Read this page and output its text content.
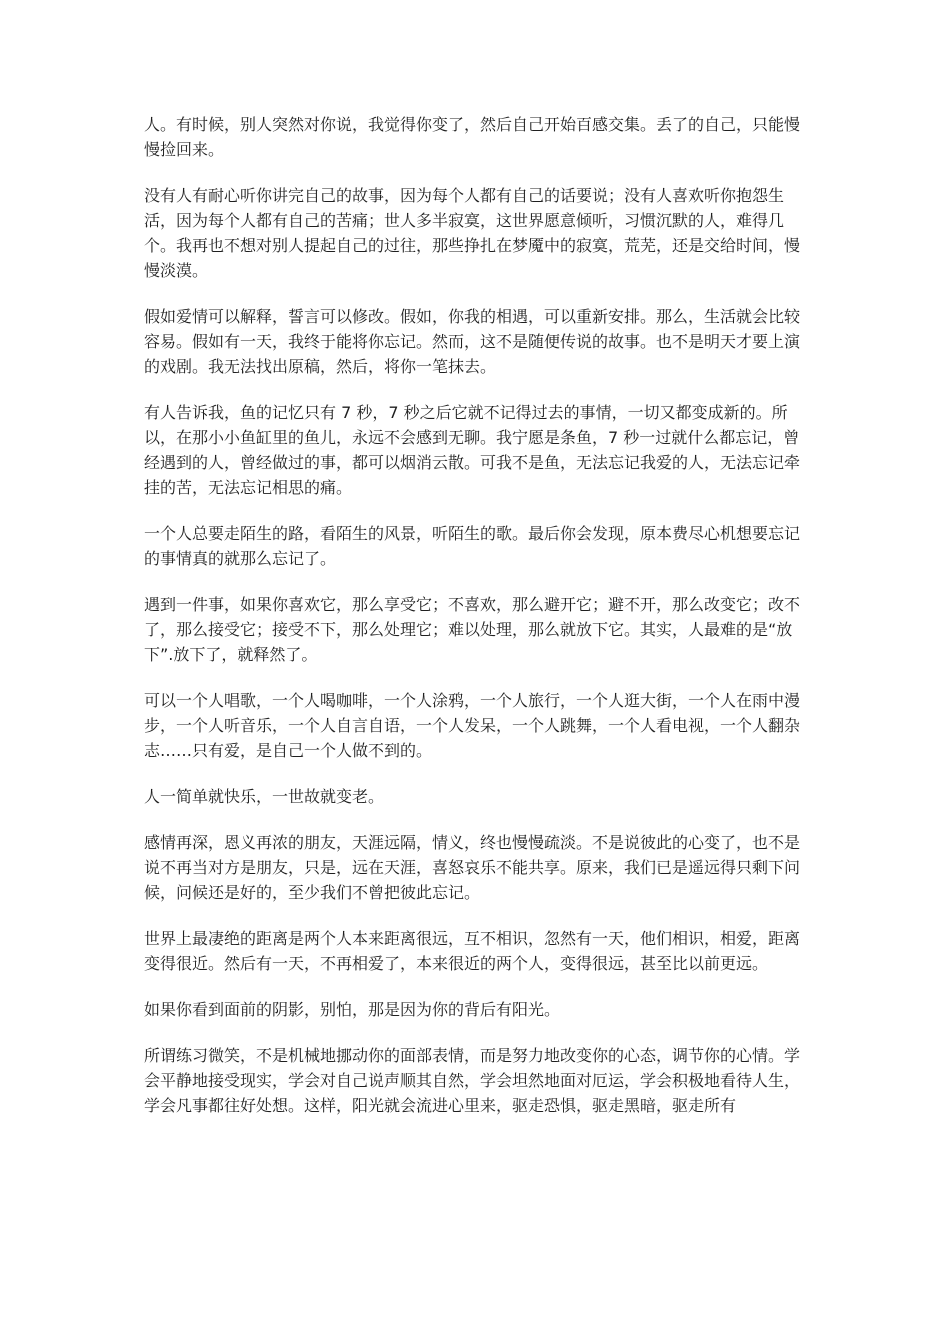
人。有时候，别人突然对你说，我觉得你变了，然后自己开始百感交集。丢了的自己，只能慢慢捡回来。

没有人有耐心听你讲完自己的故事，因为每个人都有自己的话要说；没有人喜欢听你抱怨生活，因为每个人都有自己的苦痛；世人多半寂寞，这世界愿意倾听，习惯沉默的人，难得几个。我再也不想对别人提起自己的过往，那些挣扎在梦魇中的寂寞，荒芜，还是交给时间，慢慢淡漠。

假如爱情可以解释，誓言可以修改。假如，你我的相遇，可以重新安排。那么，生活就会比较容易。假如有一天，我终于能将你忘记。然而，这不是随便传说的故事。也不是明天才要上演的戏剧。我无法找出原稿，然后，将你一笔抹去。

有人告诉我，鱼的记忆只有 7 秒，7 秒之后它就不记得过去的事情，一切又都变成新的。所以，在那小小鱼缸里的鱼儿，永远不会感到无聊。我宁愿是条鱼，7 秒一过就什么都忘记，曾经遇到的人，曾经做过的事，都可以烟消云散。可我不是鱼，无法忘记我爱的人，无法忘记牵挂的苦，无法忘记相思的痛。

一个人总要走陌生的路，看陌生的风景，听陌生的歌。最后你会发现，原本费尽心机想要忘记的事情真的就那么忘记了。

遇到一件事，如果你喜欢它，那么享受它；不喜欢，那么避开它；避不开，那么改变它；改不了，那么接受它；接受不下，那么处理它；难以处理，那么就放下它。其实，人最难的是“放下”.放下了，就释然了。

可以一个人唱歌，一个人喝咖啡，一个人涂鸦，一个人旅行，一个人逛大街，一个人在雨中漫步，一个人听音乐，一个人自言自语，一个人发呆，一个人跳舞，一个人看电视，一个人翻杂志……只有爱，是自己一个人做不到的。

人一简单就快乐，一世故就变老。

感情再深，恩义再浓的朋友，天涯远隔，情义，终也慢慢疏淡。不是说彼此的心变了，也不是说不再当对方是朋友，只是，远在天涯，喜怒哀乐不能共享。原来，我们已是遥远得只剩下问候，问候还是好的，至少我们不曾把彼此忘记。

世界上最凄绝的距离是两个人本来距离很远，互不相识，忽然有一天，他们相识，相爱，距离变得很近。然后有一天，不再相爱了，本来很近的两个人，变得很远，甚至比以前更远。

如果你看到面前的阴影，别怕，那是因为你的背后有阳光。

所谓练习微笑，不是机械地挪动你的面部表情，而是努力地改变你的心态，调节你的心情。学会平静地接受现实，学会对自己说声顺其自然，学会坦然地面对厄运，学会积极地看待人生，学会凡事都往好处想。这样，阳光就会流进心里来，驱走恐惧，驱走黑暗，驱走所有
